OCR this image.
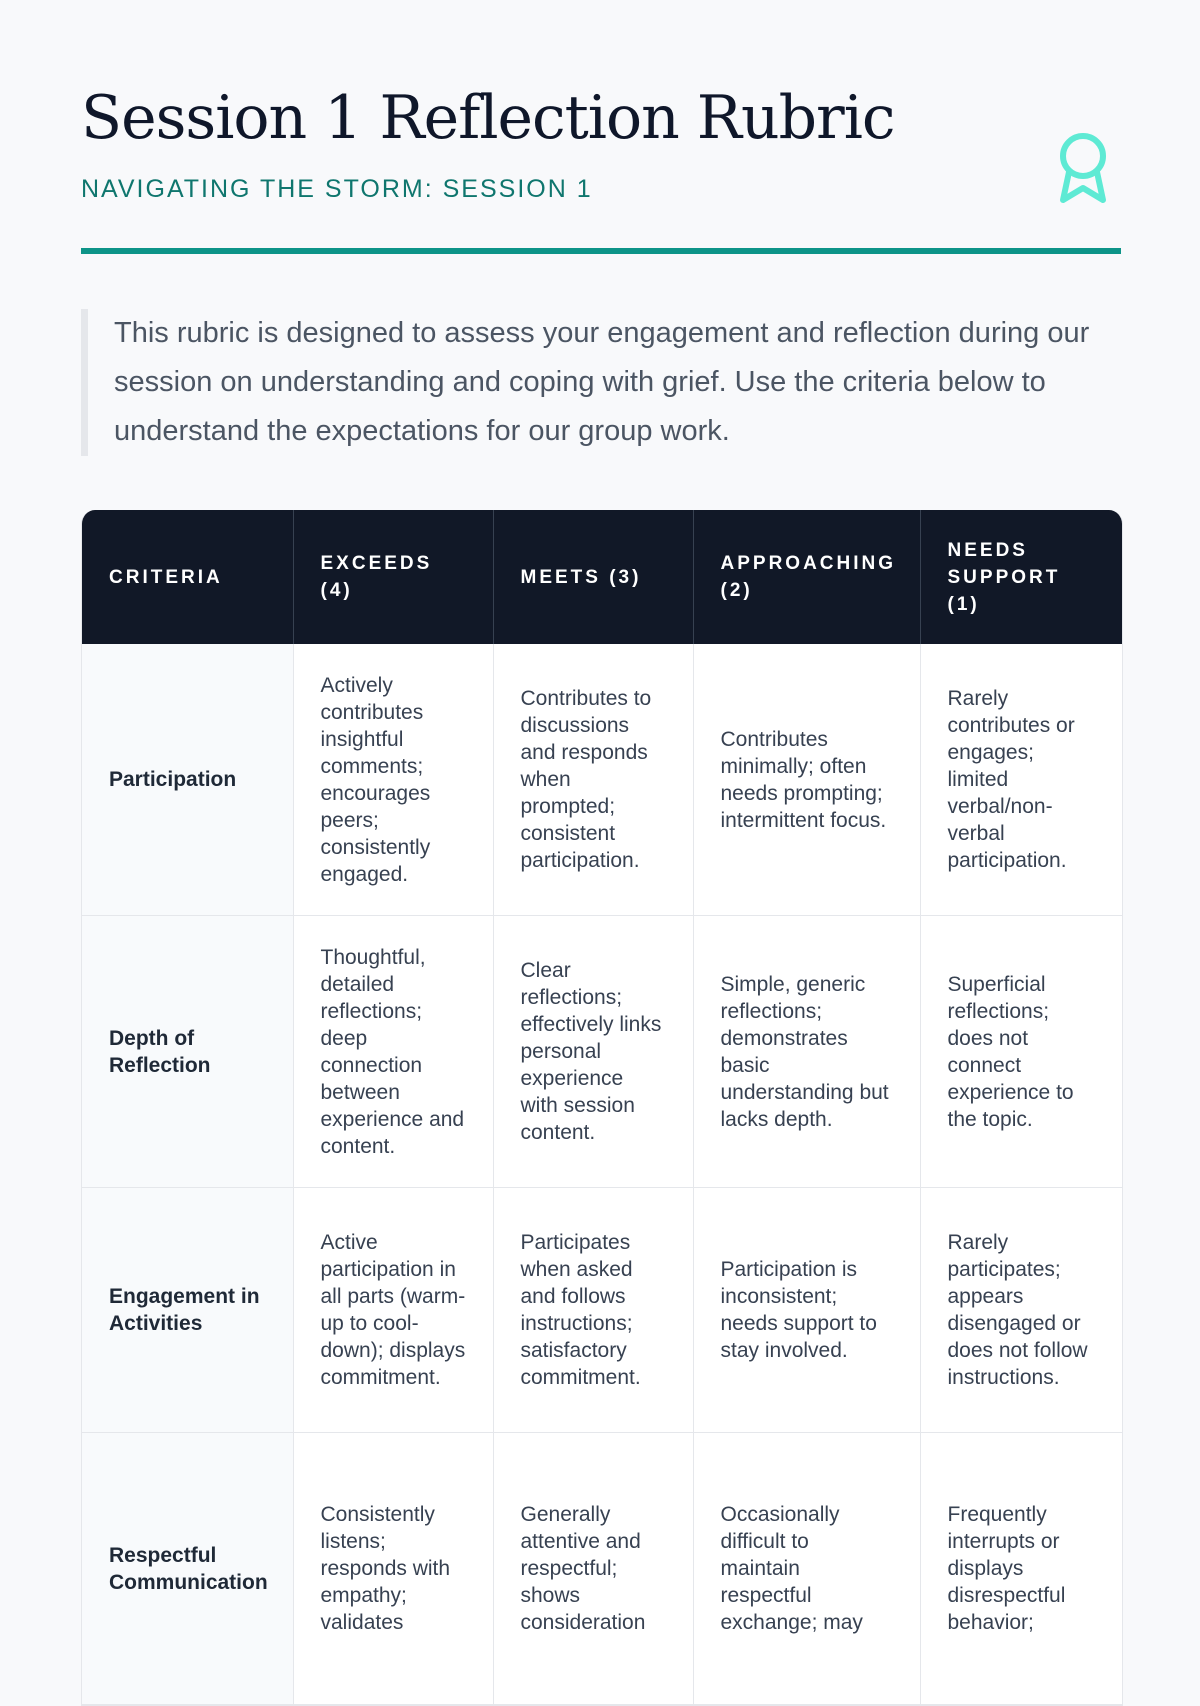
Session 1 Reflection Rubric
NAVIGATING THE STORM: SESSION 1
This rubric is designed to assess your engagement and reflection during our session on understanding and coping with grief. Use the criteria below to understand the expectations for our group work.
CRITERIA	EXCEEDS (4)	MEETS (3)	APPROACHING (2)	NEEDS SUPPORT (1)
Participation	Actively contributes insightful comments; encourages peers; consistently engaged.	Contributes to discussions and responds when prompted; consistent participation.	Contributes minimally; often needs prompting; intermittent focus.	Rarely contributes or engages; limited verbal/non-verbal participation.
Depth of Reflection	Thoughtful, detailed reflections; deep connection between experience and content.	Clear reflections; effectively links personal experience with session content.	Simple, generic reflections; demonstrates basic understanding but lacks depth.	Superficial reflections; does not connect experience to the topic.
Engagement in Activities	Active participation in all parts (warm-up to cool-down); displays commitment.	Participates when asked and follows instructions; satisfactory commitment.	Participation is inconsistent; needs support to stay involved.	Rarely participates; appears disengaged or does not follow instructions.
Respectful Communication	Consistently listens; responds with empathy; validates	Generally attentive and respectful; shows consideration	Occasionally difficult to maintain respectful exchange; may	Frequently interrupts or displays disrespectful behavior;
